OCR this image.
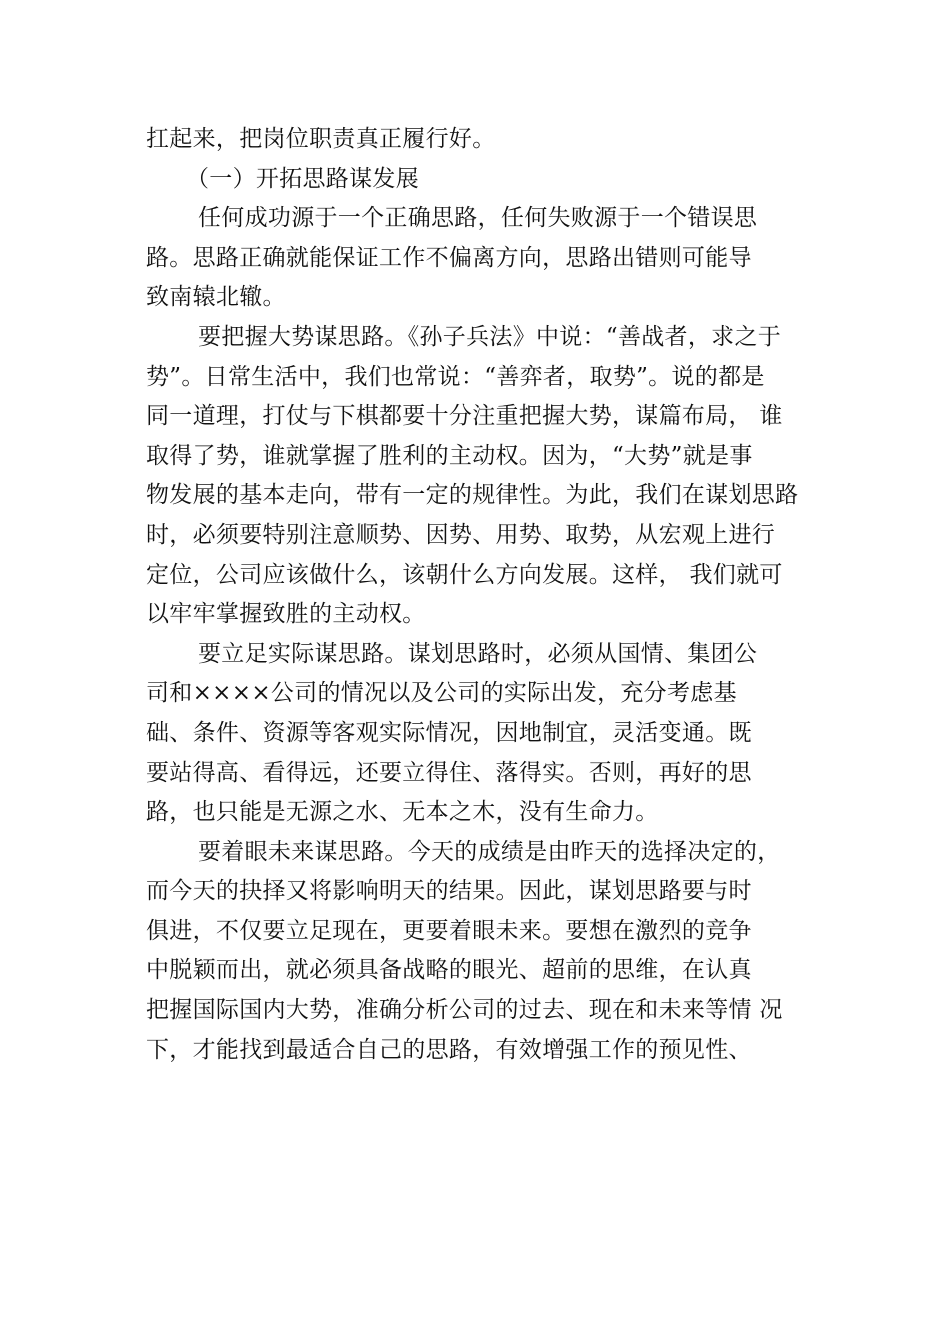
扛起来，把岗位职责真正履行好。
（一）开拓思路谋发展
任何成功源于一个正确思路，任何失败源于一个错误思
路。思路正确就能保证工作不偏离方向，思路出错则可能导
致南辕北辙。
要把握大势谋思路。《孙子兵法》中说：“善战者，求之于
势”。日常生活中，我们也常说：“善弈者，取势”。说的都是
同一道理，打仗与下棋都要十分注重把握大势，谋篇布局， 谁
取得了势，谁就掌握了胜利的主动权。因为，“大势”就是事
物发展的基本走向，带有一定的规律性。为此，我们在谋划思路
时，必须要特别注意顺势、因势、用势、取势，从宏观上进行
定位，公司应该做什么，该朝什么方向发展。这样， 我们就可
以牢牢掌握致胜的主动权。
要立足实际谋思路。谋划思路时，必须从国情、集团公
司和××××公司的情况以及公司的实际出发，充分考虑基
础、条件、资源等客观实际情况，因地制宜，灵活变通。既
要站得高、看得远，还要立得住、落得实。否则，再好的思
路，也只能是无源之水、无本之木，没有生命力。
要着眼未来谋思路。今天的成绩是由昨天的选择决定的，
而今天的抉择又将影响明天的结果。因此，谋划思路要与时
俱进，不仅要立足现在，更要着眼未来。要想在激烈的竞争
中脱颖而出，就必须具备战略的眼光、超前的思维，在认真
把握国际国内大势，准确分析公司的过去、现在和未来等情 况
下，才能找到最适合自己的思路，有效增强工作的预见性、
